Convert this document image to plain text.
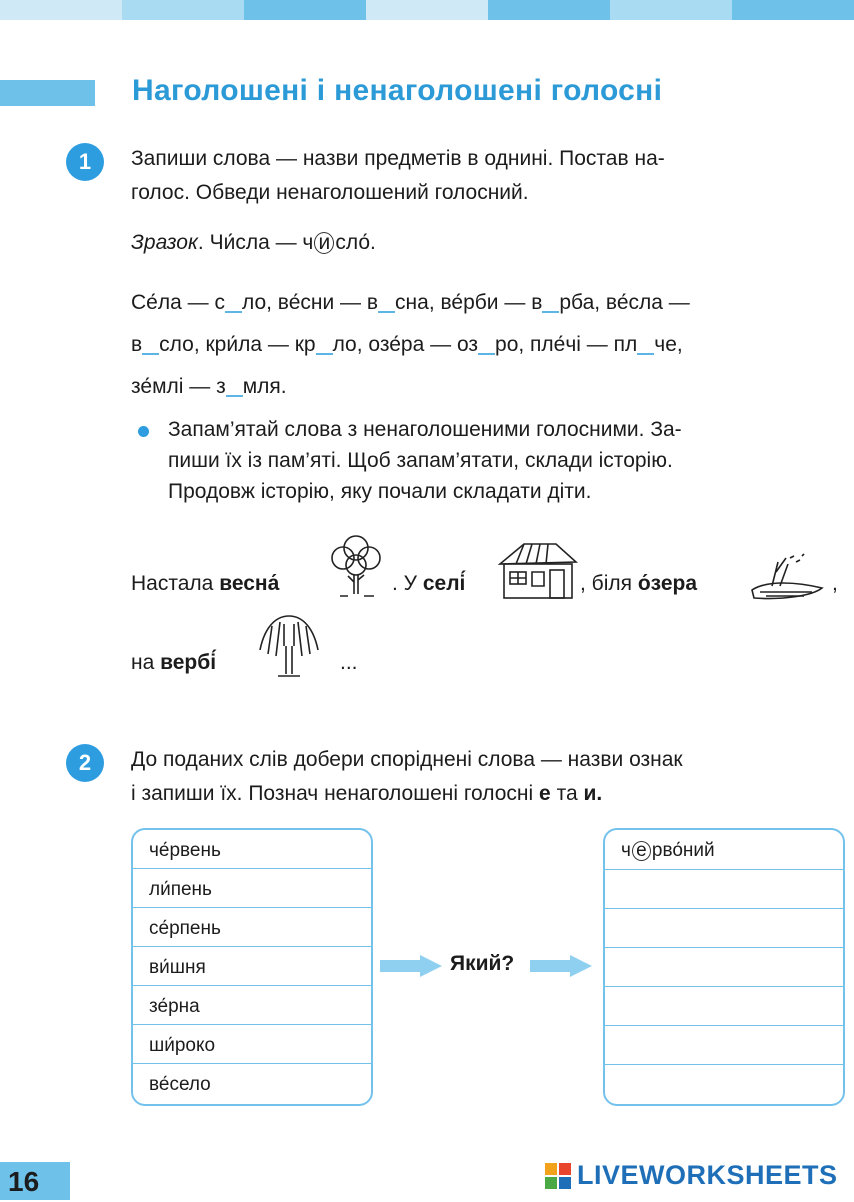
Наголошені і ненаголошені голосні
1	Запиши слова — назви предметів в однині. Постав на-
голос. Обведи ненаголошений голосний.
Зразок. Чи́сла — ч и сло́.
Се́ла — с ло, ве́сни — в сна, ве́рби — в рба, ве́сла —
в сло, кри́ла — кр ло, озе́ра — оз ро, пле́чі — пл че,
зе́млі — з мля.
Запам’ятай слова з ненаголошеними голосними. За-
пиши їх із пам’яті. Щоб запам’ятати, склади історію.
Продовж історію, яку почали складати діти.
Настала весна́	. У селі́	, біля о́зера	,
на вербі́	...
2	До поданих слів добери споріднені слова — назви ознак
і запиши їх. Познач ненаголошені голосні е та и.
че́рвень
ли́пень
се́рпень
ви́шня
зе́рна
ши́роко
ве́село
Який?
ч е рво́ний
16	LIVEWORKSHEETS
